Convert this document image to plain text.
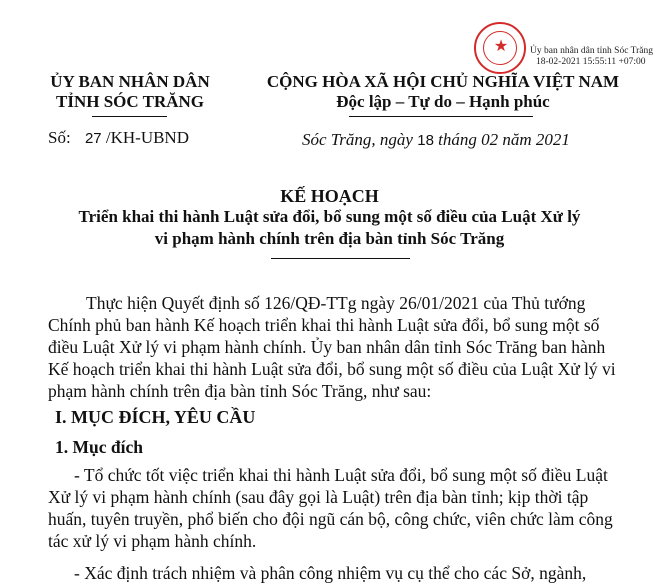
★	Ủy ban nhân dân tỉnh Sóc Trăng
18-02-2021 15:55:11 +07:00
ỦY BAN NHÂN DÂN
TỈNH SÓC TRĂNG
CỘNG HÒA XÃ HỘI CHỦ NGHĨA VIỆT NAM
Độc lập – Tự do – Hạnh phúc
Số: 27 /KH-UBND	Sóc Trăng, ngày 18 tháng 02 năm 2021
KẾ HOẠCH
Triển khai thi hành Luật sửa đổi, bổ sung một số điều của Luật Xử lý
vi phạm hành chính trên địa bàn tỉnh Sóc Trăng
Thực hiện Quyết định số 126/QĐ-TTg ngày 26/01/2021 của Thủ tướng
Chính phủ ban hành Kế hoạch triển khai thi hành Luật sửa đổi, bổ sung một số
điều Luật Xử lý vi phạm hành chính. Ủy ban nhân dân tỉnh Sóc Trăng ban hành
Kế hoạch triển khai thi hành Luật sửa đổi, bổ sung một số điều của Luật Xử lý vi
phạm hành chính trên địa bàn tỉnh Sóc Trăng, như sau:
I. MỤC ĐÍCH, YÊU CẦU
1. Mục đích
- Tổ chức tốt việc triển khai thi hành Luật sửa đổi, bổ sung một số điều Luật
Xử lý vi phạm hành chính (sau đây gọi là Luật) trên địa bàn tỉnh; kịp thời tập
huấn, tuyên truyền, phổ biến cho đội ngũ cán bộ, công chức, viên chức làm công
tác xử lý vi phạm hành chính.
- Xác định trách nhiệm và phân công nhiệm vụ cụ thể cho các Sở, ngành,
